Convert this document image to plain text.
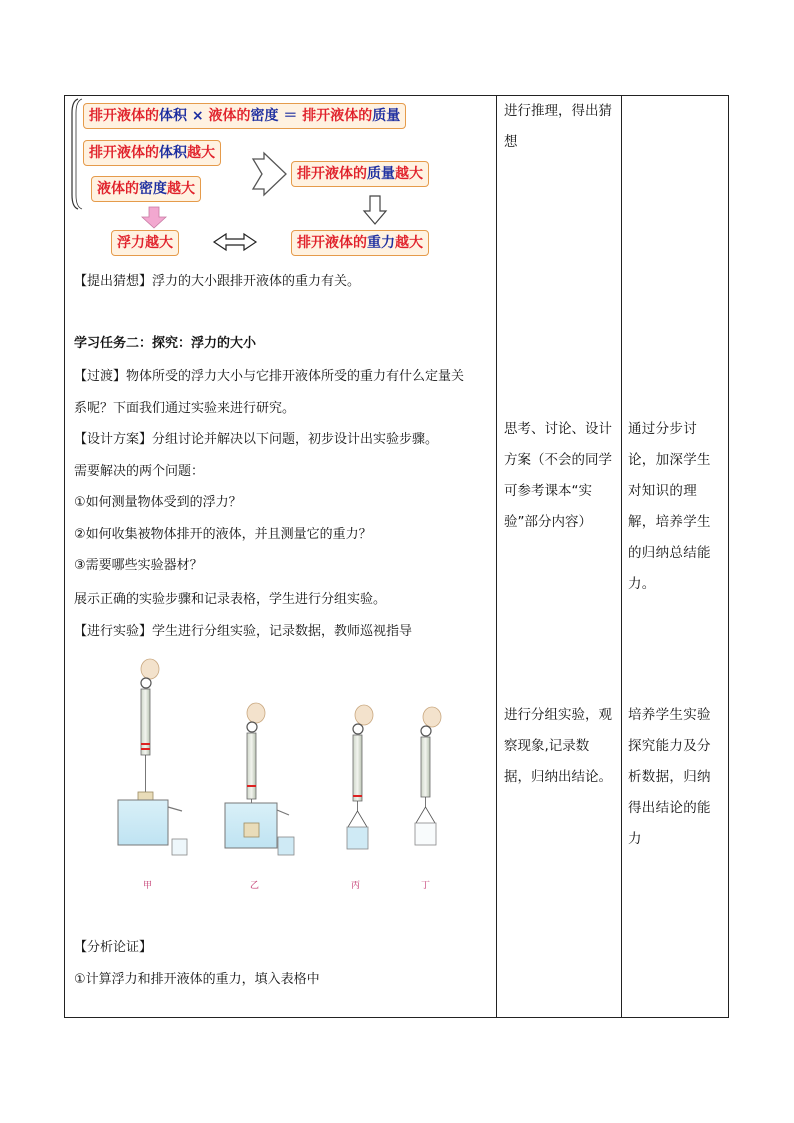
排开液体的体积 × 液体的密度 ＝ 排开液体的质量
排开液体的体积越大
液体的密度越大
排开液体的质量越大
浮力越大	排开液体的重力越大
【提出猜想】浮力的大小跟排开液体的重力有关。
学习任务二：探究：浮力的大小
【过渡】物体所受的浮力大小与它排开液体所受的重力有什么定量关
系呢？下面我们通过实验来进行研究。
【设计方案】分组讨论并解决以下问题，初步设计出实验步骤。
需要解决的两个问题：
①如何测量物体受到的浮力？
②如何收集被物体排开的液体，并且测量它的重力？
③需要哪些实验器材？
展示正确的实验步骤和记录表格，学生进行分组实验。
【进行实验】学生进行分组实验，记录数据，教师巡视指导
甲	乙	丙	丁
【分析论证】
①计算浮力和排开液体的重力，填入表格中
进行推理，得出猜
想
思考、讨论、设计方案（不会的同学可参考课本“实验”部分内容）
进行分组实验，观察现象,记录数据，归纳出结论。
通过分步讨论，加深学生对知识的理解，培养学生的归纳总结能力。
培养学生实验探究能力及分析数据，归纳得出结论的能力
